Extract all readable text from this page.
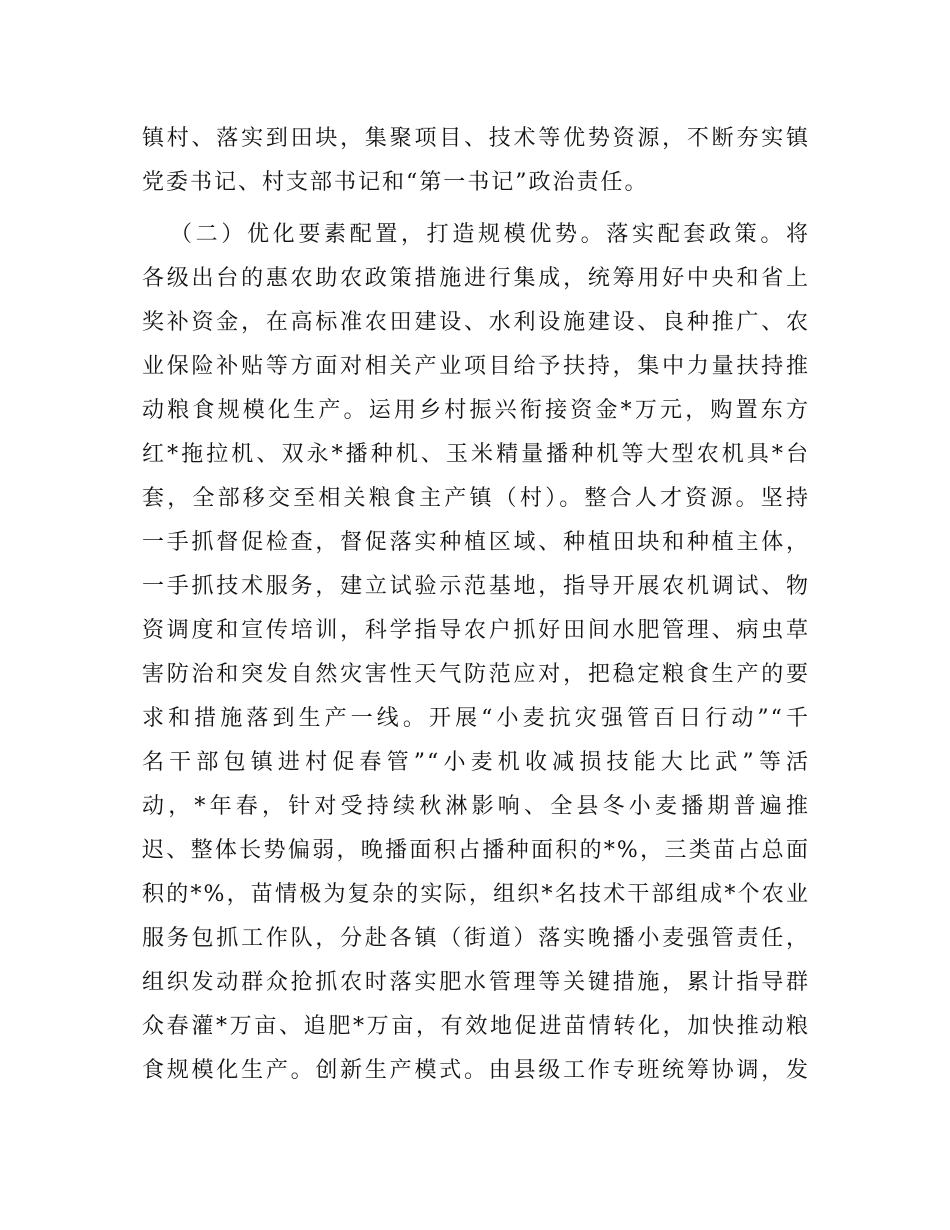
镇村、落实到田块，集聚项目、技术等优势资源，不断夯实镇
党委书记、村支部书记和“第一书记”政治责任。
（二）优化要素配置，打造规模优势。落实配套政策。将
各级出台的惠农助农政策措施进行集成，统筹用好中央和省上
奖补资金，在高标准农田建设、水利设施建设、良种推广、农
业保险补贴等方面对相关产业项目给予扶持，集中力量扶持推
动粮食规模化生产。运用乡村振兴衔接资金*万元，购置东方
红*拖拉机、双永*播种机、玉米精量播种机等大型农机具*台
套，全部移交至相关粮食主产镇（村）。整合人才资源。坚持
一手抓督促检查，督促落实种植区域、种植田块和种植主体，
一手抓技术服务，建立试验示范基地，指导开展农机调试、物
资调度和宣传培训，科学指导农户抓好田间水肥管理、病虫草
害防治和突发自然灾害性天气防范应对，把稳定粮食生产的要
求和措施落到生产一线。开展“小麦抗灾强管百日行动”“千
名干部包镇进村促春管”“小麦机收减损技能大比武”等活
动，*年春，针对受持续秋淋影响、全县冬小麦播期普遍推
迟、整体长势偏弱，晚播面积占播种面积的*%，三类苗占总面
积的*%，苗情极为复杂的实际，组织*名技术干部组成*个农业
服务包抓工作队，分赴各镇（街道）落实晚播小麦强管责任，
组织发动群众抢抓农时落实肥水管理等关键措施，累计指导群
众春灌*万亩、追肥*万亩，有效地促进苗情转化，加快推动粮
食规模化生产。创新生产模式。由县级工作专班统筹协调，发
